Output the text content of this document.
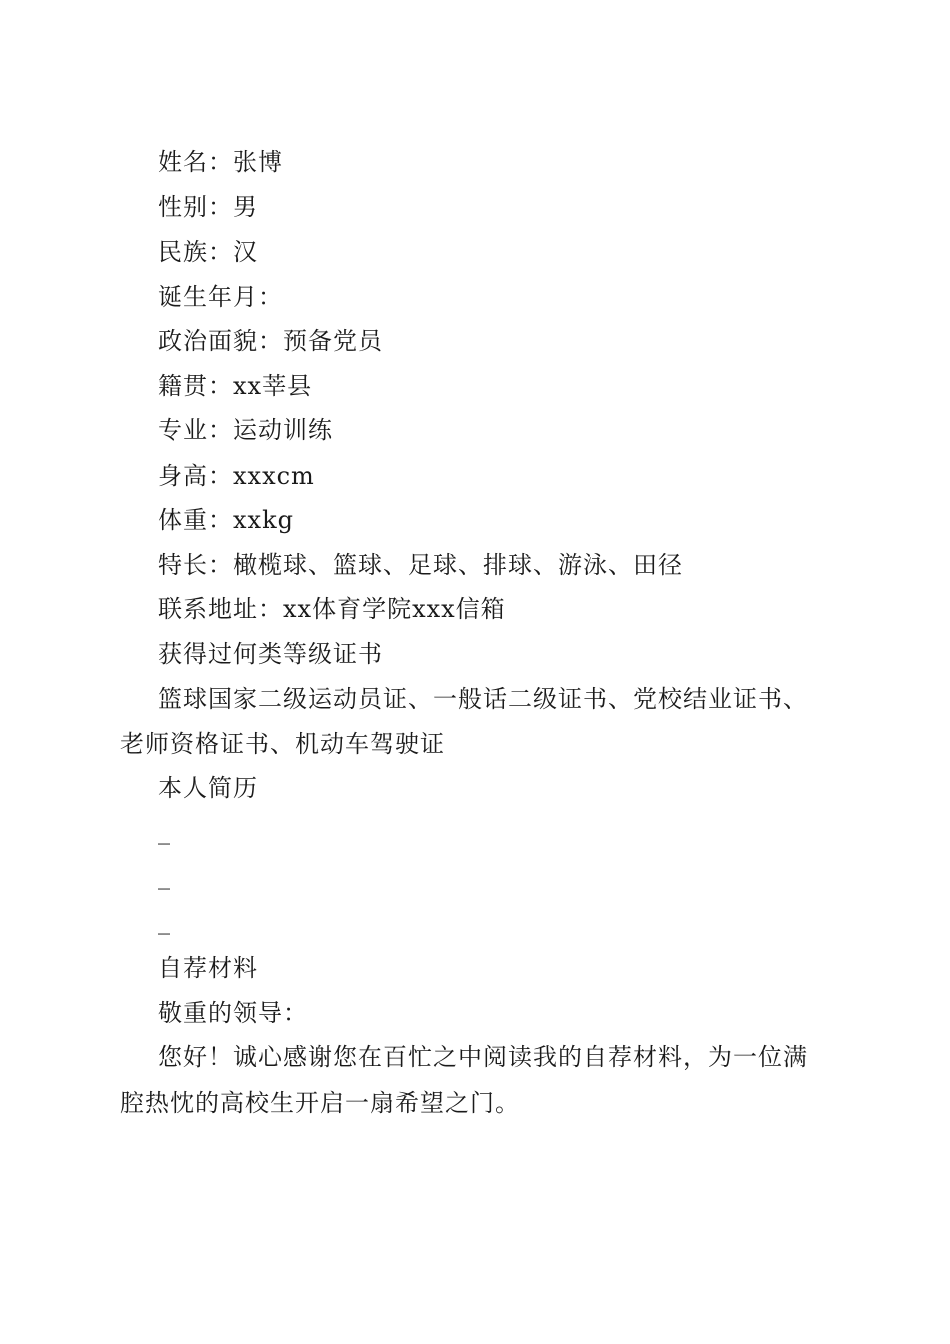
姓名：张博
性别：男
民族：汉
诞生年月：
政治面貌：预备党员
籍贯：xx莘县
专业：运动训练
身高：xxxcm
体重：xxkg
特长：橄榄球、篮球、足球、排球、游泳、田径
联系地址：xx体育学院xxx信箱
获得过何类等级证书
篮球国家二级运动员证、一般话二级证书、党校结业证书、
老师资格证书、机动车驾驶证
本人简历
_
_
_
自荐材料
敬重的领导：
您好！诚心感谢您在百忙之中阅读我的自荐材料，为一位满
腔热忱的高校生开启一扇希望之门。
